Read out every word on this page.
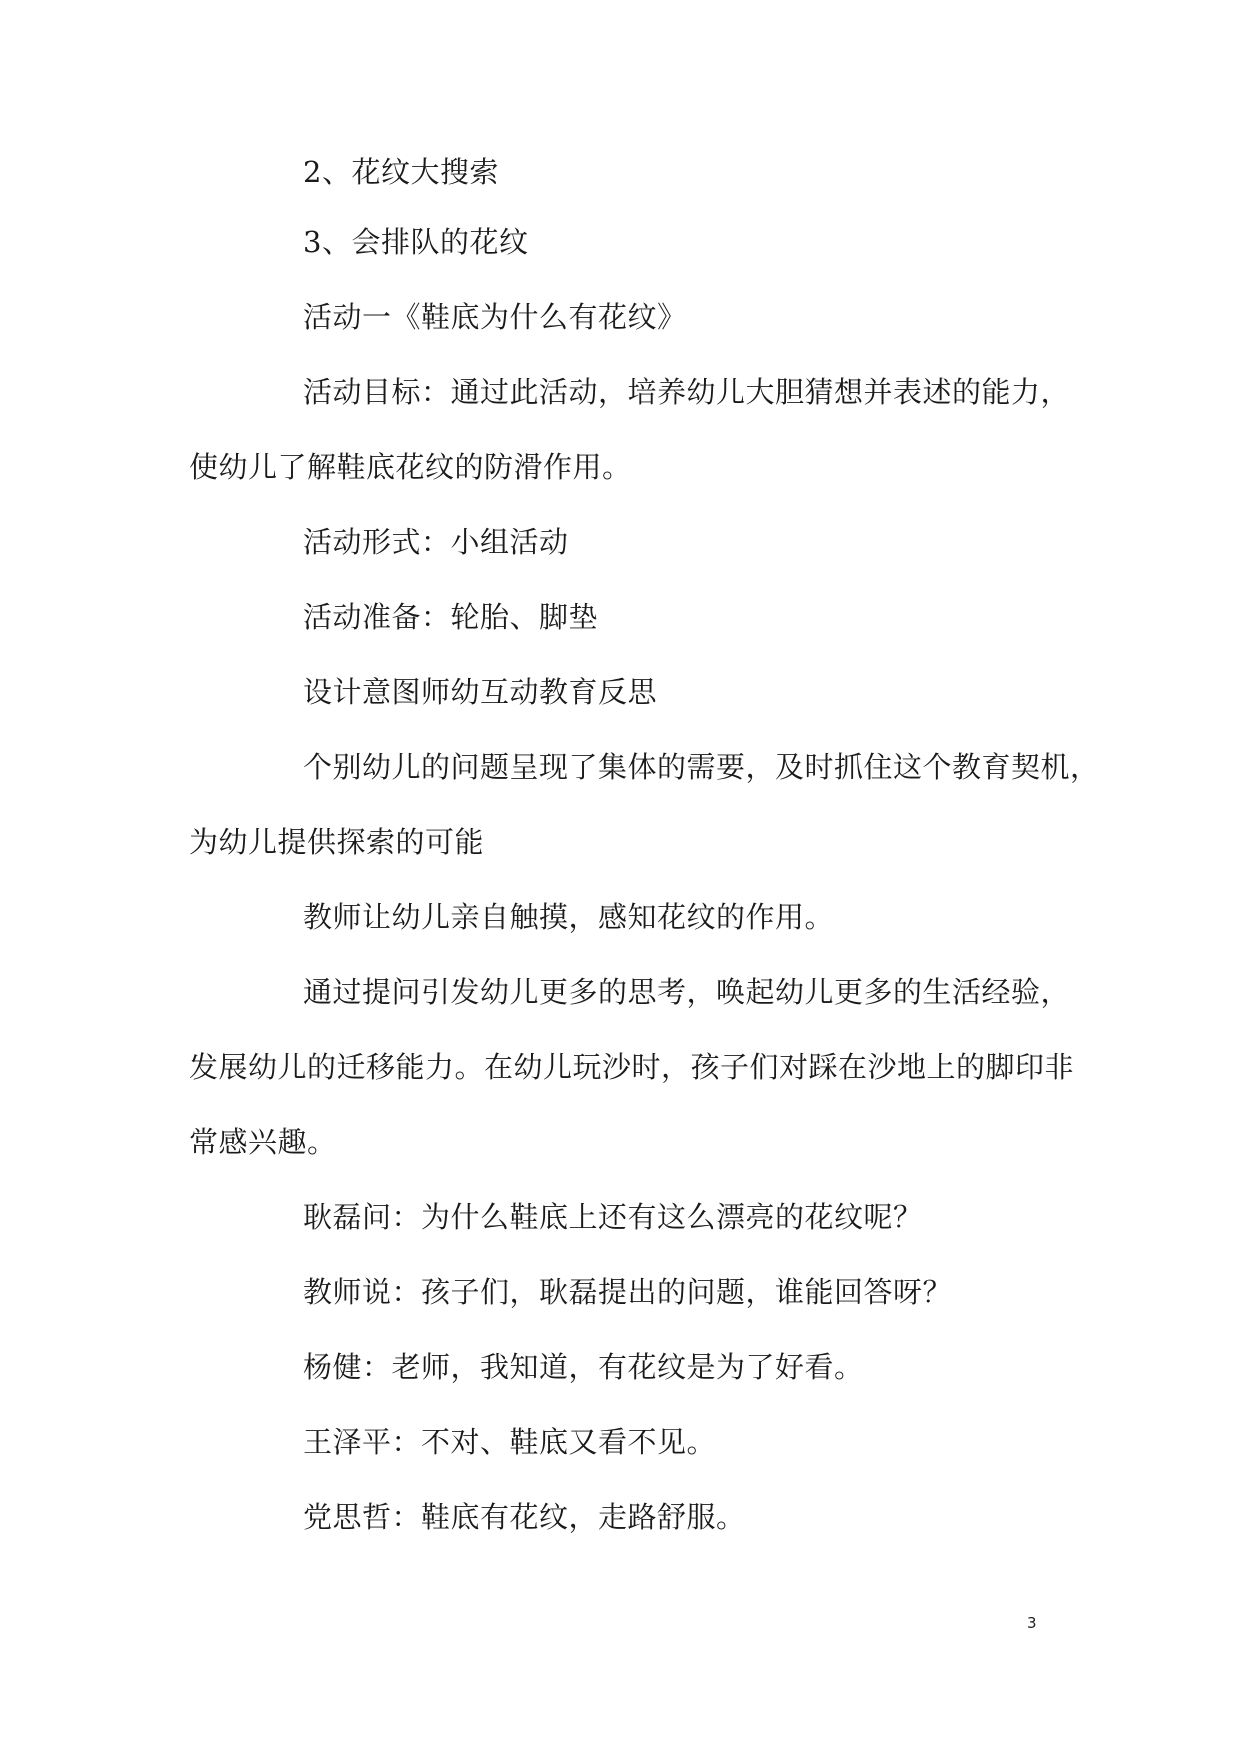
2、花纹大搜索
3、会排队的花纹
活动一《鞋底为什么有花纹》
活动目标：通过此活动，培养幼儿大胆猜想并表述的能力，
使幼儿了解鞋底花纹的防滑作用。
活动形式：小组活动
活动准备：轮胎、脚垫
设计意图师幼互动教育反思
个别幼儿的问题呈现了集体的需要，及时抓住这个教育契机，
为幼儿提供探索的可能
教师让幼儿亲自触摸，感知花纹的作用。
通过提问引发幼儿更多的思考，唤起幼儿更多的生活经验，
发展幼儿的迁移能力。在幼儿玩沙时，孩子们对踩在沙地上的脚印非
常感兴趣。
耿磊问：为什么鞋底上还有这么漂亮的花纹呢？
教师说：孩子们，耿磊提出的问题，谁能回答呀？
杨健：老师，我知道，有花纹是为了好看。
王泽平：不对、鞋底又看不见。
党思哲：鞋底有花纹，走路舒服。
3
